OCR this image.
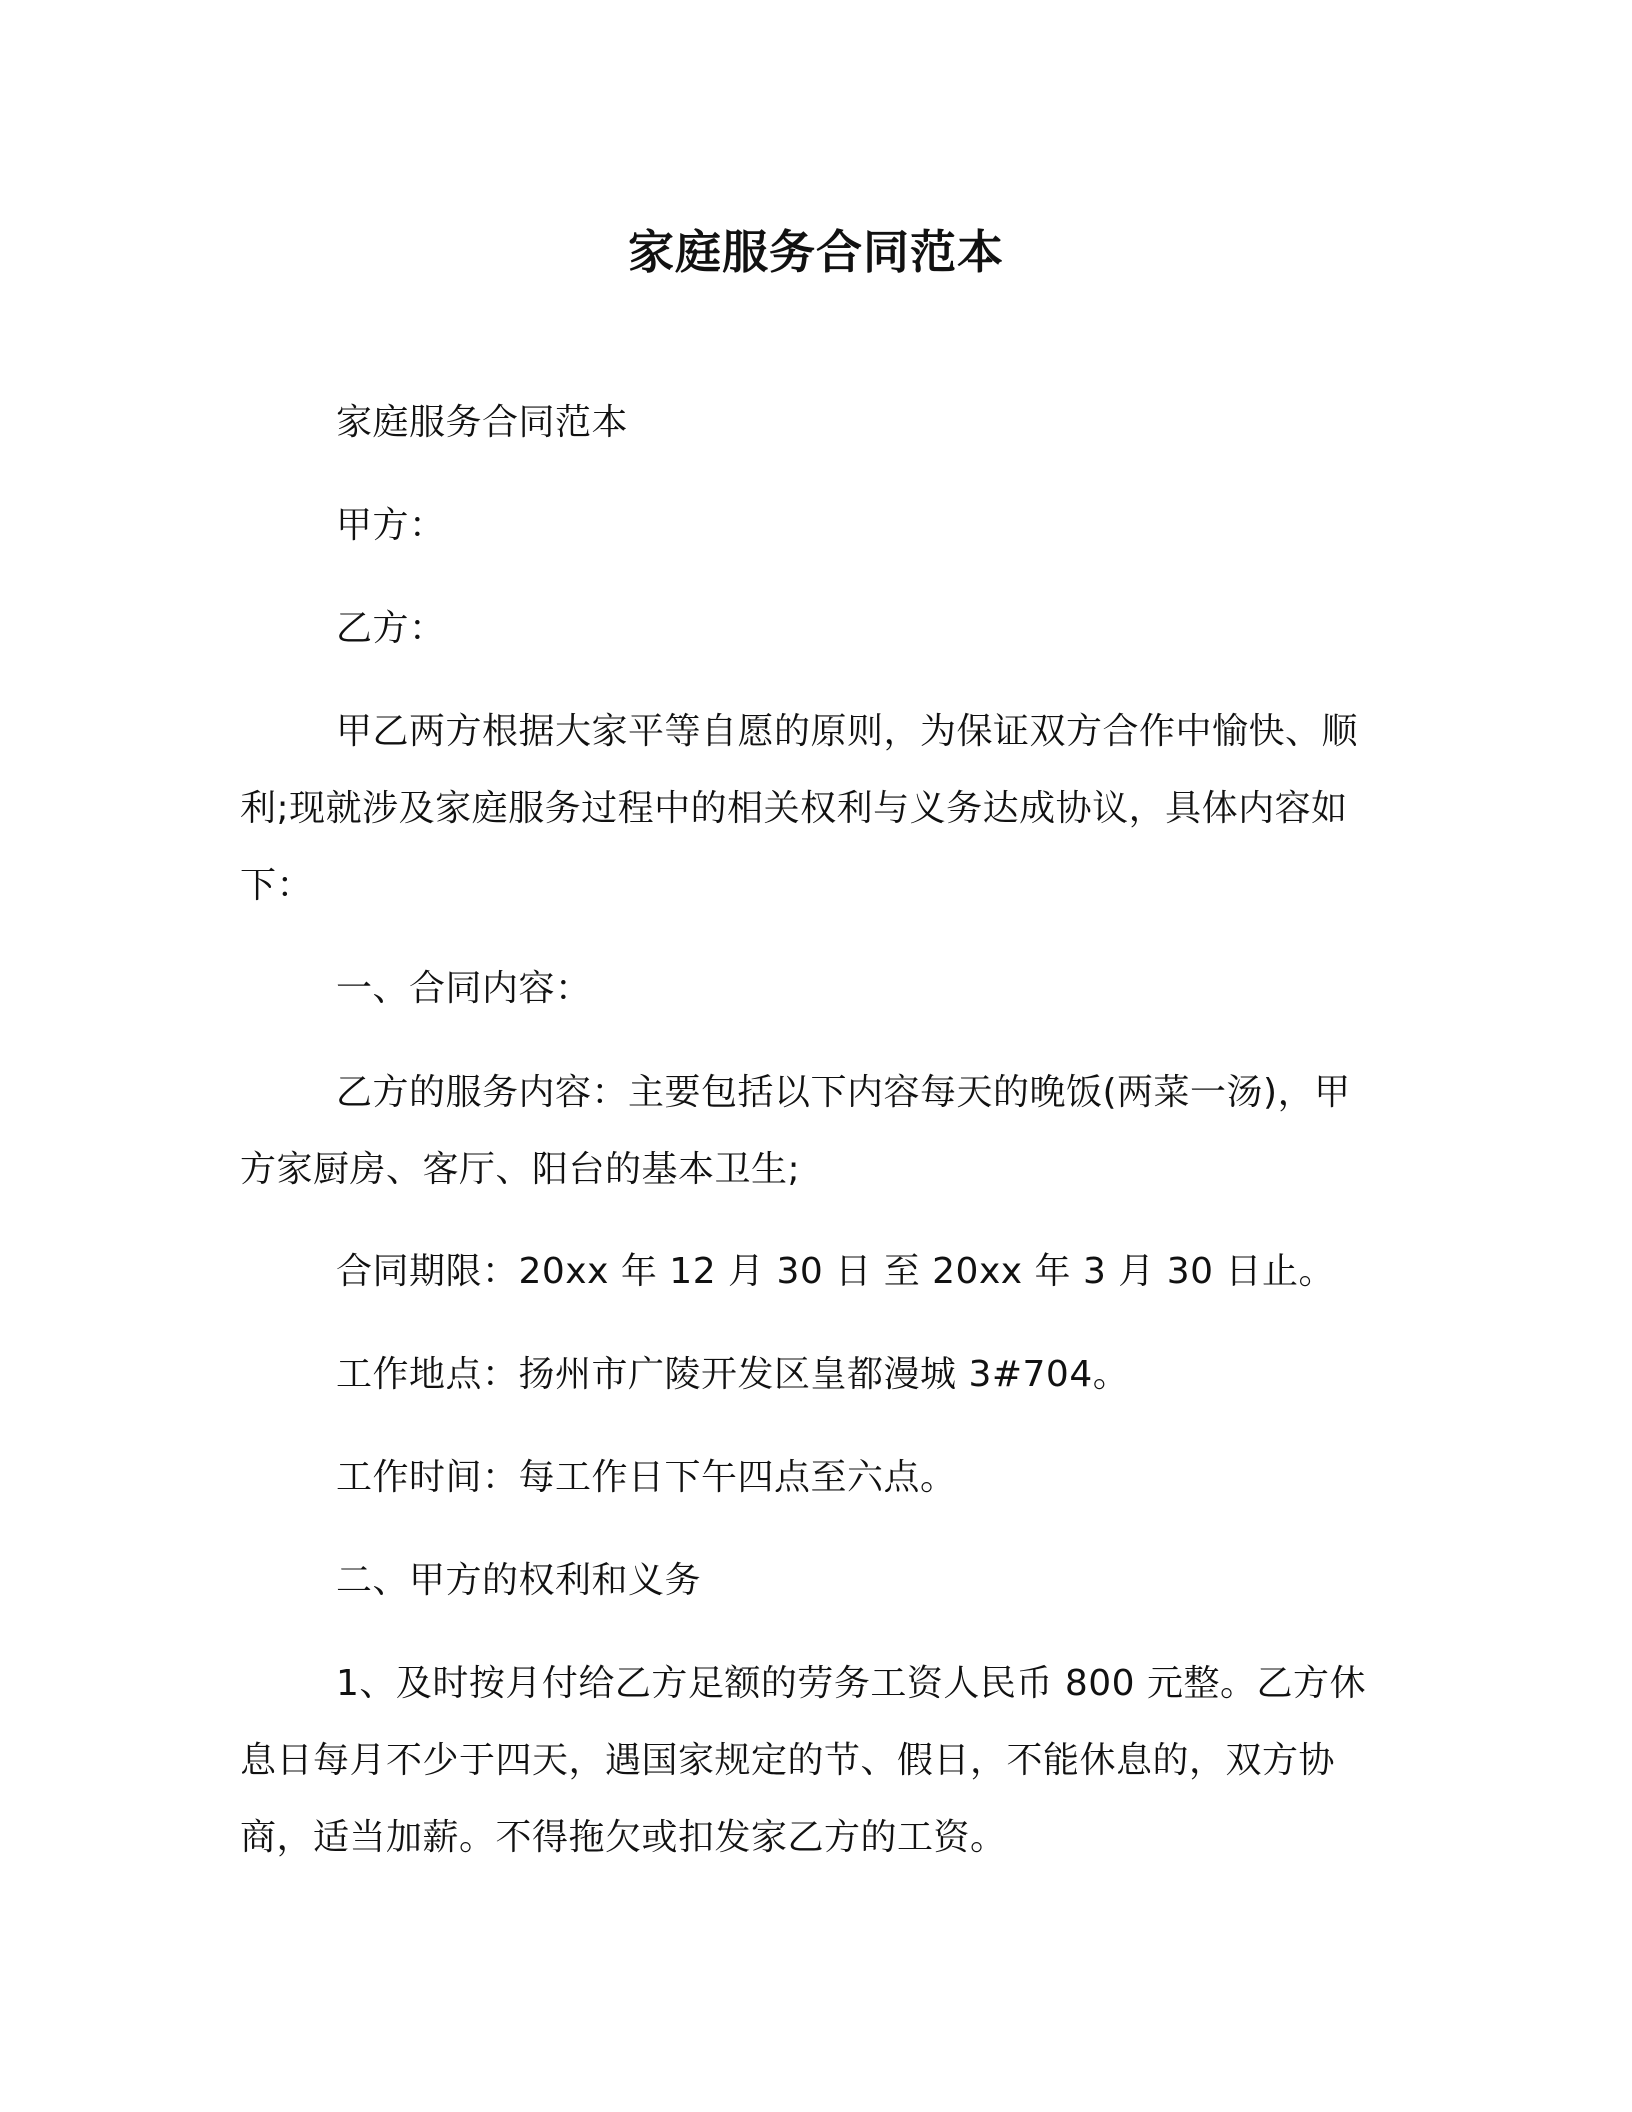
家庭服务合同范本

家庭服务合同范本

甲方：

乙方：

甲乙两方根据大家平等自愿的原则，为保证双方合作中愉快、顺利;现就涉及家庭服务过程中的相关权利与义务达成协议，具体内容如下：

一、合同内容：

乙方的服务内容：主要包括以下内容每天的晚饭(两菜一汤)，甲方家厨房、客厅、阳台的基本卫生;

合同期限：20xx 年 12 月 30 日 至 20xx 年 3 月 30 日止。

工作地点：扬州市广陵开发区皇都漫城 3#704。

工作时间：每工作日下午四点至六点。

二、甲方的权利和义务

1、及时按月付给乙方足额的劳务工资人民币 800 元整。乙方休息日每月不少于四天，遇国家规定的节、假日，不能休息的，双方协商，适当加薪。不得拖欠或扣发家乙方的工资。
